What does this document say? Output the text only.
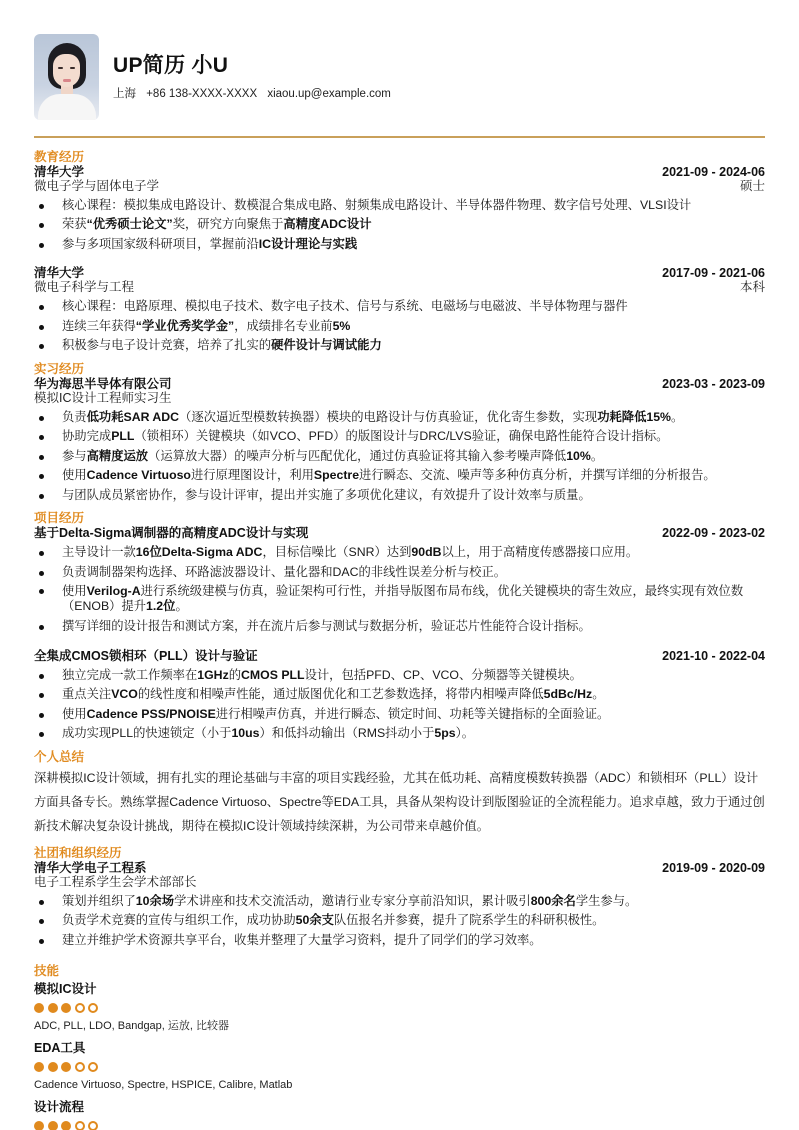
UP简历 小U
上海 +86 138-XXXX-XXXX xiaou.up@example.com
教育经历
清华大学	2021-09 - 2024-06
微电子学与固体电子学	硕士
核心课程：模拟集成电路设计、数模混合集成电路、射频集成电路设计、半导体器件物理、数字信号处理、VLSI设计
荣获“优秀硕士论文”奖，研究方向聚焦于高精度ADC设计
参与多项国家级科研项目，掌握前沿IC设计理论与实践
清华大学	2017-09 - 2021-06
微电子科学与工程	本科
核心课程：电路原理、模拟电子技术、数字电子技术、信号与系统、电磁场与电磁波、半导体物理与器件
连续三年获得“学业优秀奖学金”，成绩排名专业前5%
积极参与电子设计竞赛，培养了扎实的硬件设计与调试能力
实习经历
华为海思半导体有限公司	2023-03 - 2023-09
模拟IC设计工程师实习生
负责低功耗SAR ADC（逐次逼近型模数转换器）模块的电路设计与仿真验证，优化寄生参数，实现功耗降低15%。
协助完成PLL（锁相环）关键模块（如VCO、PFD）的版图设计与DRC/LVS验证，确保电路性能符合设计指标。
参与高精度运放（运算放大器）的噪声分析与匹配优化，通过仿真验证将其输入参考噪声降低10%。
使用Cadence Virtuoso进行原理图设计，利用Spectre进行瞬态、交流、噪声等多种仿真分析，并撰写详细的分析报告。
与团队成员紧密协作，参与设计评审，提出并实施了多项优化建议，有效提升了设计效率与质量。
项目经历
基于Delta-Sigma调制器的高精度ADC设计与实现	2022-09 - 2023-02
主导设计一款16位Delta-Sigma ADC，目标信噪比（SNR）达到90dB以上，用于高精度传感器接口应用。
负责调制器架构选择、环路滤波器设计、量化器和DAC的非线性误差分析与校正。
使用Verilog-A进行系统级建模与仿真，验证架构可行性，并指导版图布局布线，优化关键模块的寄生效应，最终实现有效位数（ENOB）提升1.2位。
撰写详细的设计报告和测试方案，并在流片后参与测试与数据分析，验证芯片性能符合设计指标。
全集成CMOS锁相环（PLL）设计与验证	2021-10 - 2022-04
独立完成一款工作频率在1GHz的CMOS PLL设计，包括PFD、CP、VCO、分频器等关键模块。
重点关注VCO的线性度和相噪声性能，通过版图优化和工艺参数选择，将带内相噪声降低5dBc/Hz。
使用Cadence PSS/PNOISE进行相噪声仿真，并进行瞬态、锁定时间、功耗等关键指标的全面验证。
成功实现PLL的快速锁定（小于10us）和低抖动输出（RMS抖动小于5ps）。
个人总结
深耕模拟IC设计领域，拥有扎实的理论基础与丰富的项目实践经验，尤其在低功耗、高精度模数转换器（ADC）和锁相环（PLL）设计方面具备专长。熟练掌握Cadence Virtuoso、Spectre等EDA工具，具备从架构设计到版图验证的全流程能力。追求卓越，致力于通过创新技术解决复杂设计挑战，期待在模拟IC设计领域持续深耕，为公司带来卓越价值。
社团和组织经历
清华大学电子工程系	2019-09 - 2020-09
电子工程系学生会学术部部长
策划并组织了10余场学术讲座和技术交流活动，邀请行业专家分享前沿知识，累计吸引800余名学生参与。
负责学术竞赛的宣传与组织工作，成功协助50余支队伍报名并参赛，提升了院系学生的科研积极性。
建立并维护学术资源共享平台，收集并整理了大量学习资料，提升了同学们的学习效率。
技能
模拟IC设计
ADC, PLL, LDO, Bandgap, 运放, 比较器
EDA工具
Cadence Virtuoso, Spectre, HSPICE, Calibre, Matlab
设计流程
